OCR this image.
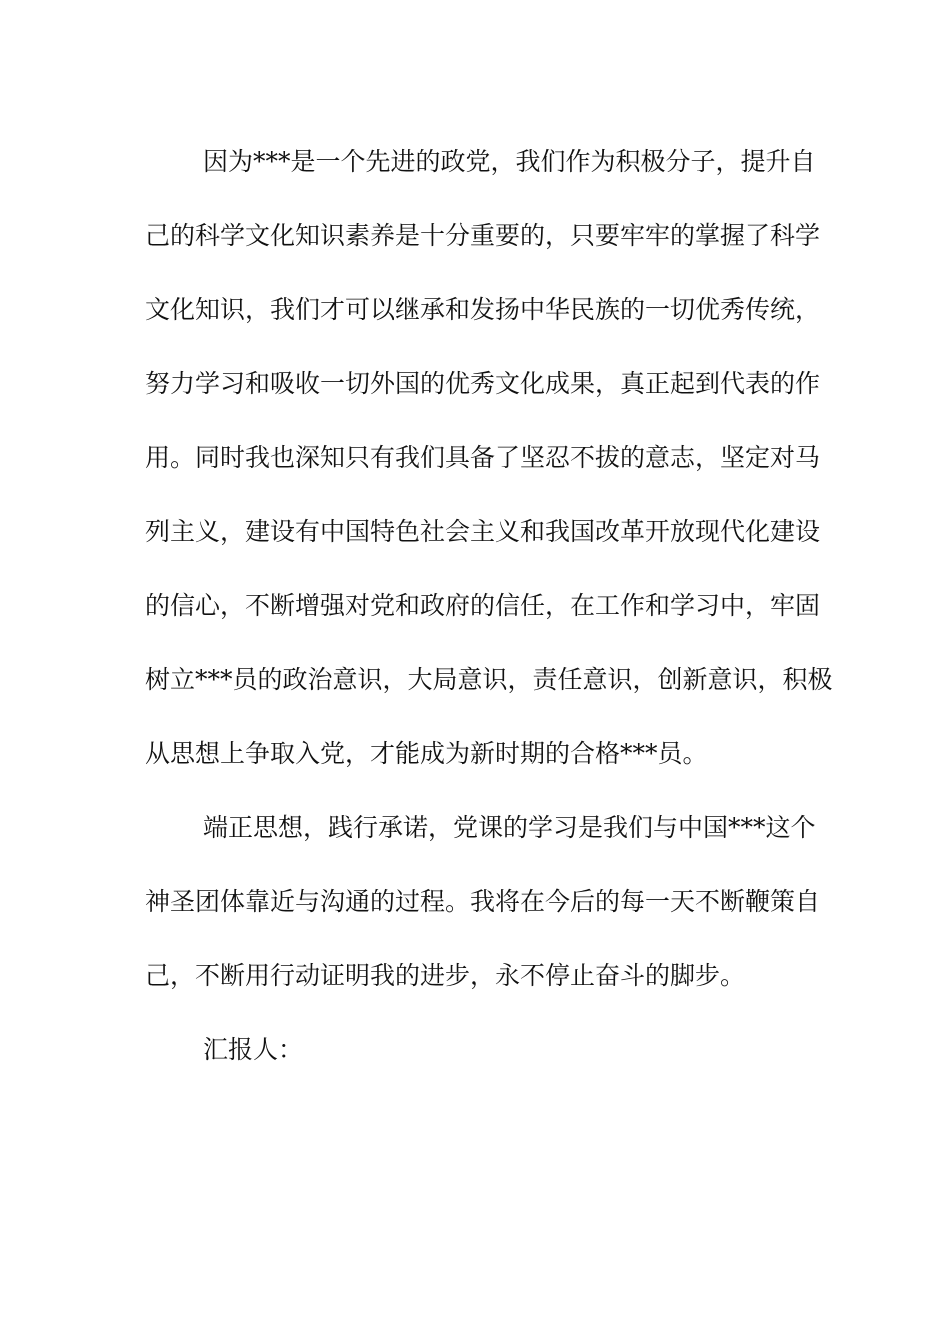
因为***是一个先进的政党，我们作为积极分子，提升自
己的科学文化知识素养是十分重要的，只要牢牢的掌握了科学
文化知识，我们才可以继承和发扬中华民族的一切优秀传统，
努力学习和吸收一切外国的优秀文化成果，真正起到代表的作
用。同时我也深知只有我们具备了坚忍不拔的意志，坚定对马
列主义，建设有中国特色社会主义和我国改革开放现代化建设
的信心，不断增强对党和政府的信任，在工作和学习中，牢固
树立***员的政治意识，大局意识，责任意识，创新意识，积极
从思想上争取入党，才能成为新时期的合格***员。
端正思想，践行承诺，党课的学习是我们与中国***这个
神圣团体靠近与沟通的过程。我将在今后的每一天不断鞭策自
己，不断用行动证明我的进步，永不停止奋斗的脚步。
汇报人：
